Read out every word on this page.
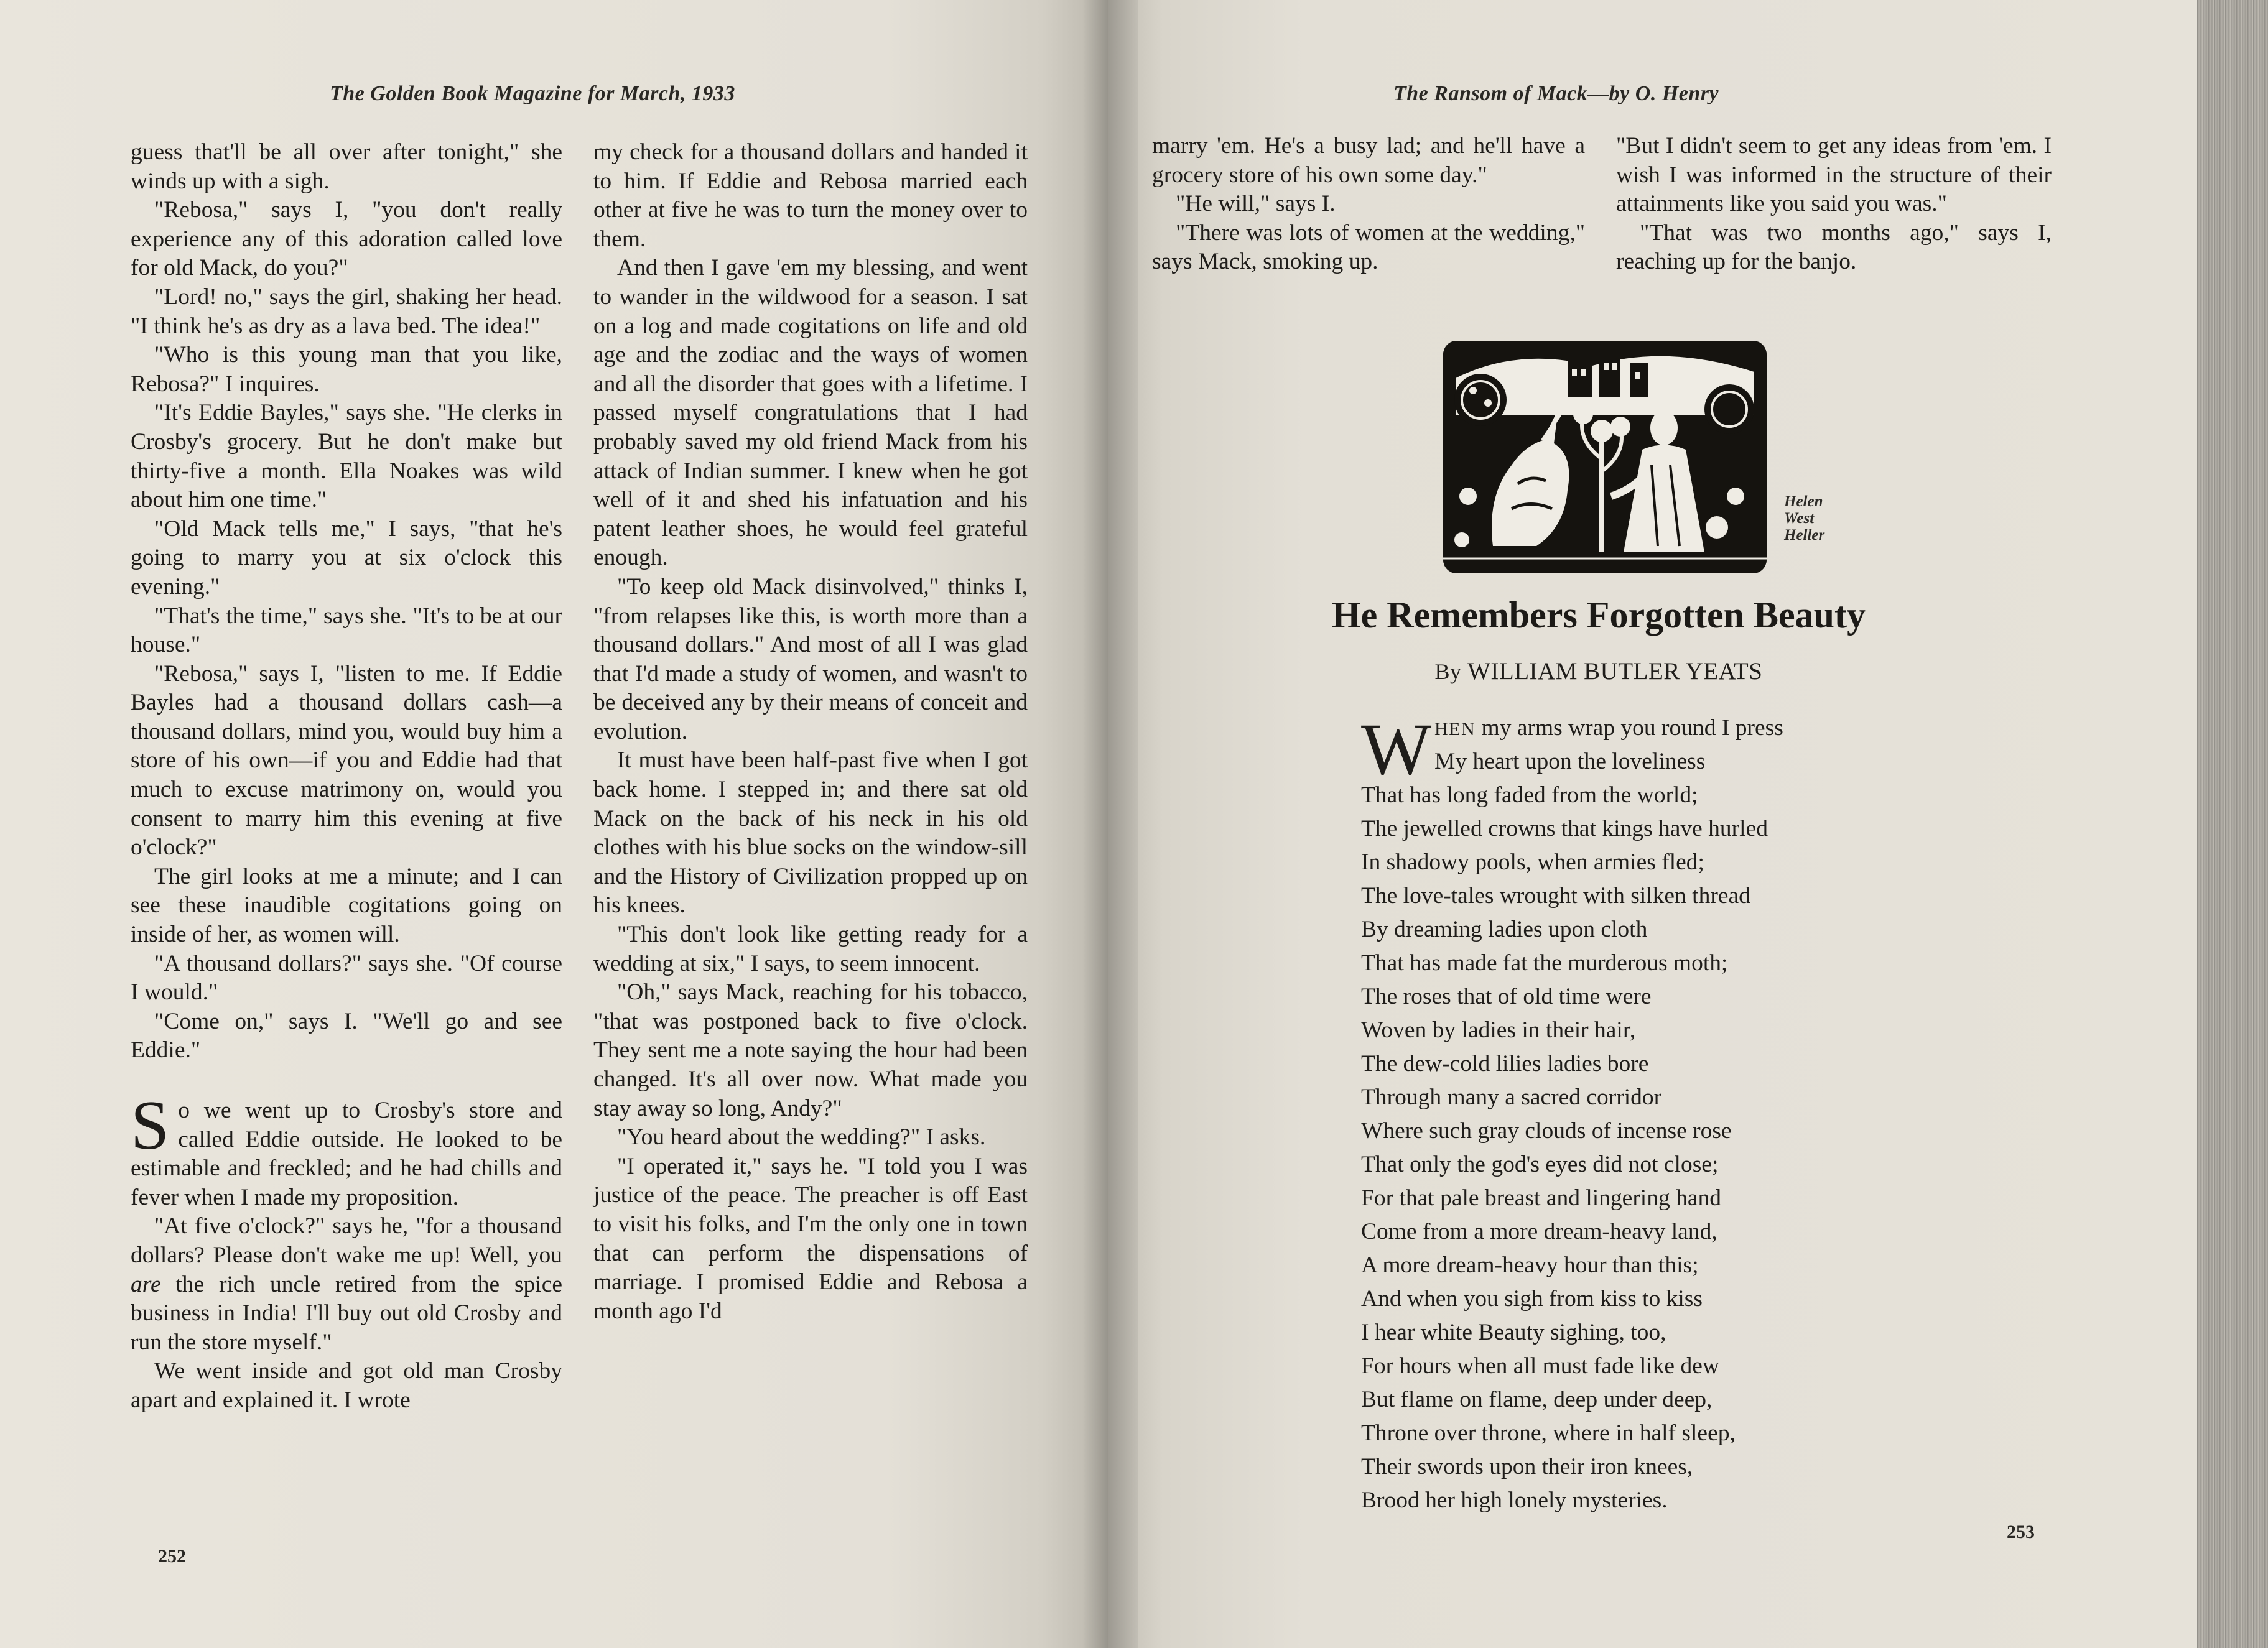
The Golden Book Magazine for March, 1933

guess that'll be all over after tonight," she winds up with a sigh.

"Rebosa," says I, "you don't really experience any of this adoration called love for old Mack, do you?"

"Lord! no," says the girl, shaking her head. "I think he's as dry as a lava bed. The idea!"

"Who is this young man that you like, Rebosa?" I inquires.

"It's Eddie Bayles," says she. "He clerks in Crosby's grocery. But he don't make but thirty-five a month. Ella Noakes was wild about him one time."

"Old Mack tells me," I says, "that he's going to marry you at six o'clock this evening."

"That's the time," says she. "It's to be at our house."

"Rebosa," says I, "listen to me. If Eddie Bayles had a thousand dollars cash—a thousand dollars, mind you, would buy him a store of his own—if you and Eddie had that much to excuse matrimony on, would you consent to marry him this evening at five o'clock?"

The girl looks at me a minute; and I can see these inaudible cogitations going on inside of her, as women will.

"A thousand dollars?" says she. "Of course I would."

"Come on," says I. "We'll go and see Eddie."

So we went up to Crosby's store and called Eddie outside. He looked to be estimable and freckled; and he had chills and fever when I made my proposition.

"At five o'clock?" says he, "for a thousand dollars? Please don't wake me up! Well, you are the rich uncle retired from the spice business in India! I'll buy out old Crosby and run the store myself."

We went inside and got old man Crosby apart and explained it. I wrote

my check for a thousand dollars and handed it to him. If Eddie and Rebosa married each other at five he was to turn the money over to them.

And then I gave 'em my blessing, and went to wander in the wildwood for a season. I sat on a log and made cogitations on life and old age and the zodiac and the ways of women and all the disorder that goes with a lifetime. I passed myself congratulations that I had probably saved my old friend Mack from his attack of Indian summer. I knew when he got well of it and shed his infatuation and his patent leather shoes, he would feel grateful enough.

"To keep old Mack disinvolved," thinks I, "from relapses like this, is worth more than a thousand dollars." And most of all I was glad that I'd made a study of women, and wasn't to be deceived any by their means of conceit and evolution.

It must have been half-past five when I got back home. I stepped in; and there sat old Mack on the back of his neck in his old clothes with his blue socks on the window-sill and the History of Civilization propped up on his knees.

"This don't look like getting ready for a wedding at six," I says, to seem innocent.

"Oh," says Mack, reaching for his tobacco, "that was postponed back to five o'clock. They sent me a note saying the hour had been changed. It's all over now. What made you stay away so long, Andy?"

"You heard about the wedding?" I asks.

"I operated it," says he. "I told you I was justice of the peace. The preacher is off East to visit his folks, and I'm the only one in town that can perform the dispensations of marriage. I promised Eddie and Rebosa a month ago I'd

252
The Ransom of Mack—by O. Henry

marry 'em. He's a busy lad; and he'll have a grocery store of his own some day."

"He will," says I.

"There was lots of women at the wedding," says Mack, smoking up.

"But I didn't seem to get any ideas from 'em. I wish I was informed in the structure of their attainments like you said you was."

"That was two months ago," says I, reaching up for the banjo.

Helen
West
Heller
He Remembers Forgotten Beauty
By WILLIAM BUTLER YEATS
W HEN my arms wrap you round I press
My heart upon the loveliness
That has long faded from the world;
The jewelled crowns that kings have hurled
In shadowy pools, when armies fled;
The love-tales wrought with silken thread
By dreaming ladies upon cloth
That has made fat the murderous moth;
The roses that of old time were
Woven by ladies in their hair,
The dew-cold lilies ladies bore
Through many a sacred corridor
Where such gray clouds of incense rose
That only the god's eyes did not close;
For that pale breast and lingering hand
Come from a more dream-heavy land,
A more dream-heavy hour than this;
And when you sigh from kiss to kiss
I hear white Beauty sighing, too,
For hours when all must fade like dew
But flame on flame, deep under deep,
Throne over throne, where in half sleep,
Their swords upon their iron knees,
Brood her high lonely mysteries.
253
